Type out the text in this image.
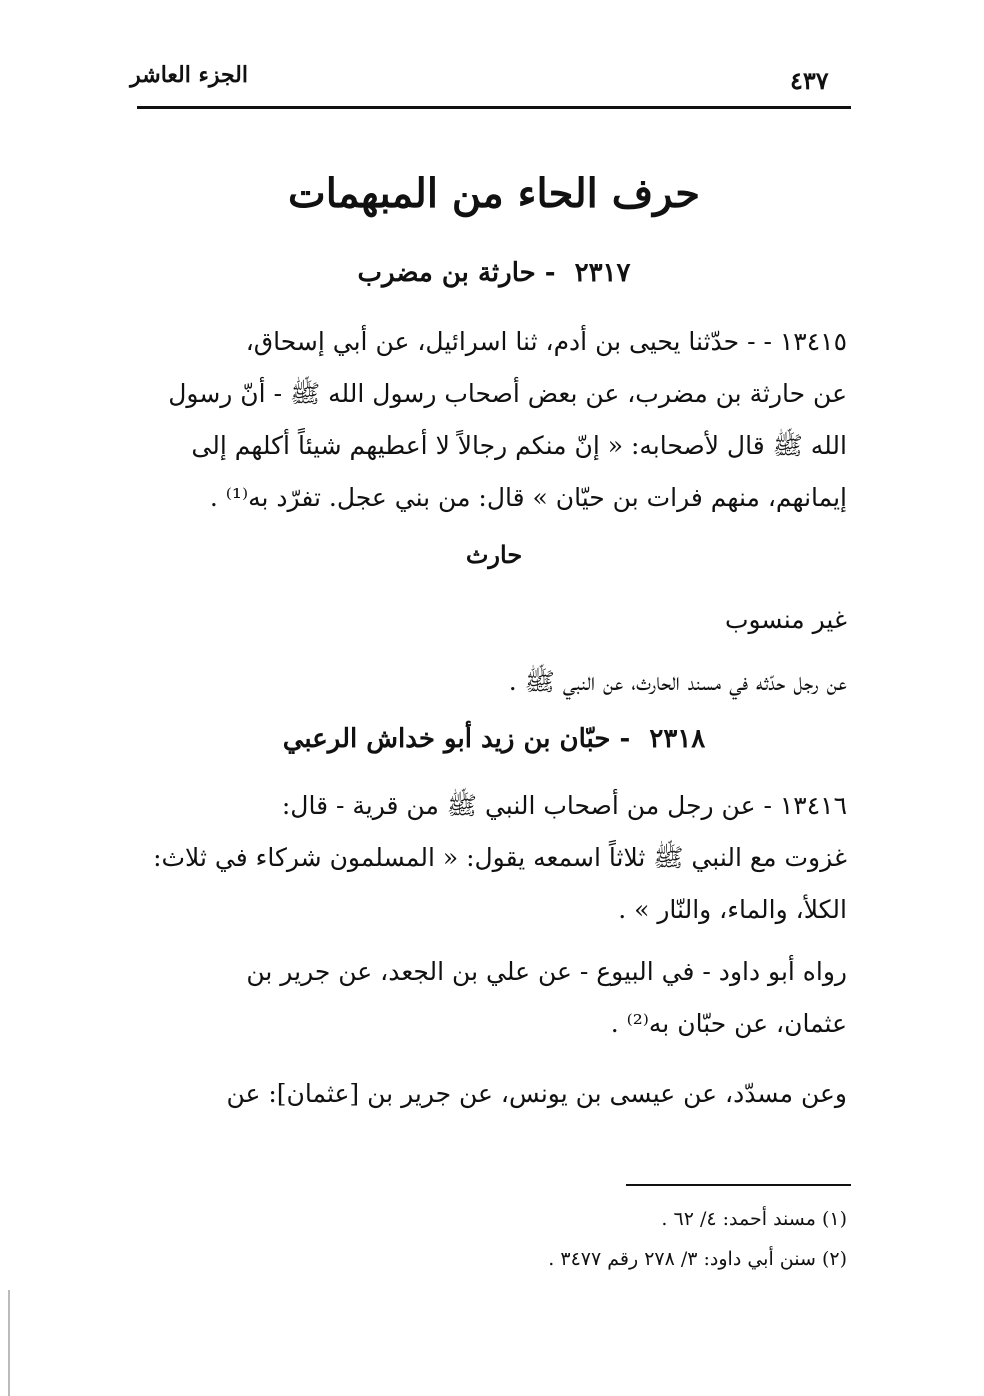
الجزء العاشر	٤٣٧
حرف الحاء من المبهمات
٢٣١٧ - حارثة بن مضرب
١٣٤١٥ - - حدّثنا يحيى بن أدم، ثنا اسرائيل، عن أبي إسحاق،
عن حارثة بن مضرب، عن بعض أصحاب رسول الله ﷺ - أنّ رسول
الله ﷺ قال لأصحابه: « إنّ منكم رجالاً لا أعطيهم شيئاً أكلهم إلى
إيمانهم، منهم فرات بن حيّان » قال: من بني عجل. تفرّد به⁽¹⁾ .
حارث
غير منسوب
عن رجل حدّثه في مسند الحارث، عن النبي ﷺ .
٢٣١٨ - حبّان بن زيد أبو خداش الرعبي
١٣٤١٦ - عن رجل من أصحاب النبي ﷺ من قرية - قال:
غزوت مع النبي ﷺ ثلاثاً اسمعه يقول: « المسلمون شركاء في ثلاث:
الكلأ، والماء، والنّار » .
رواه أبو داود - في البيوع - عن علي بن الجعد، عن جرير بن
عثمان، عن حبّان به⁽²⁾ .
وعن مسدّد، عن عيسى بن يونس، عن جرير بن [عثمان]: عن
(١) مسند أحمد: ٤/ ٦٢ .
(٢) سنن أبي داود: ٣/ ٢٧٨ رقم ٣٤٧٧ .
